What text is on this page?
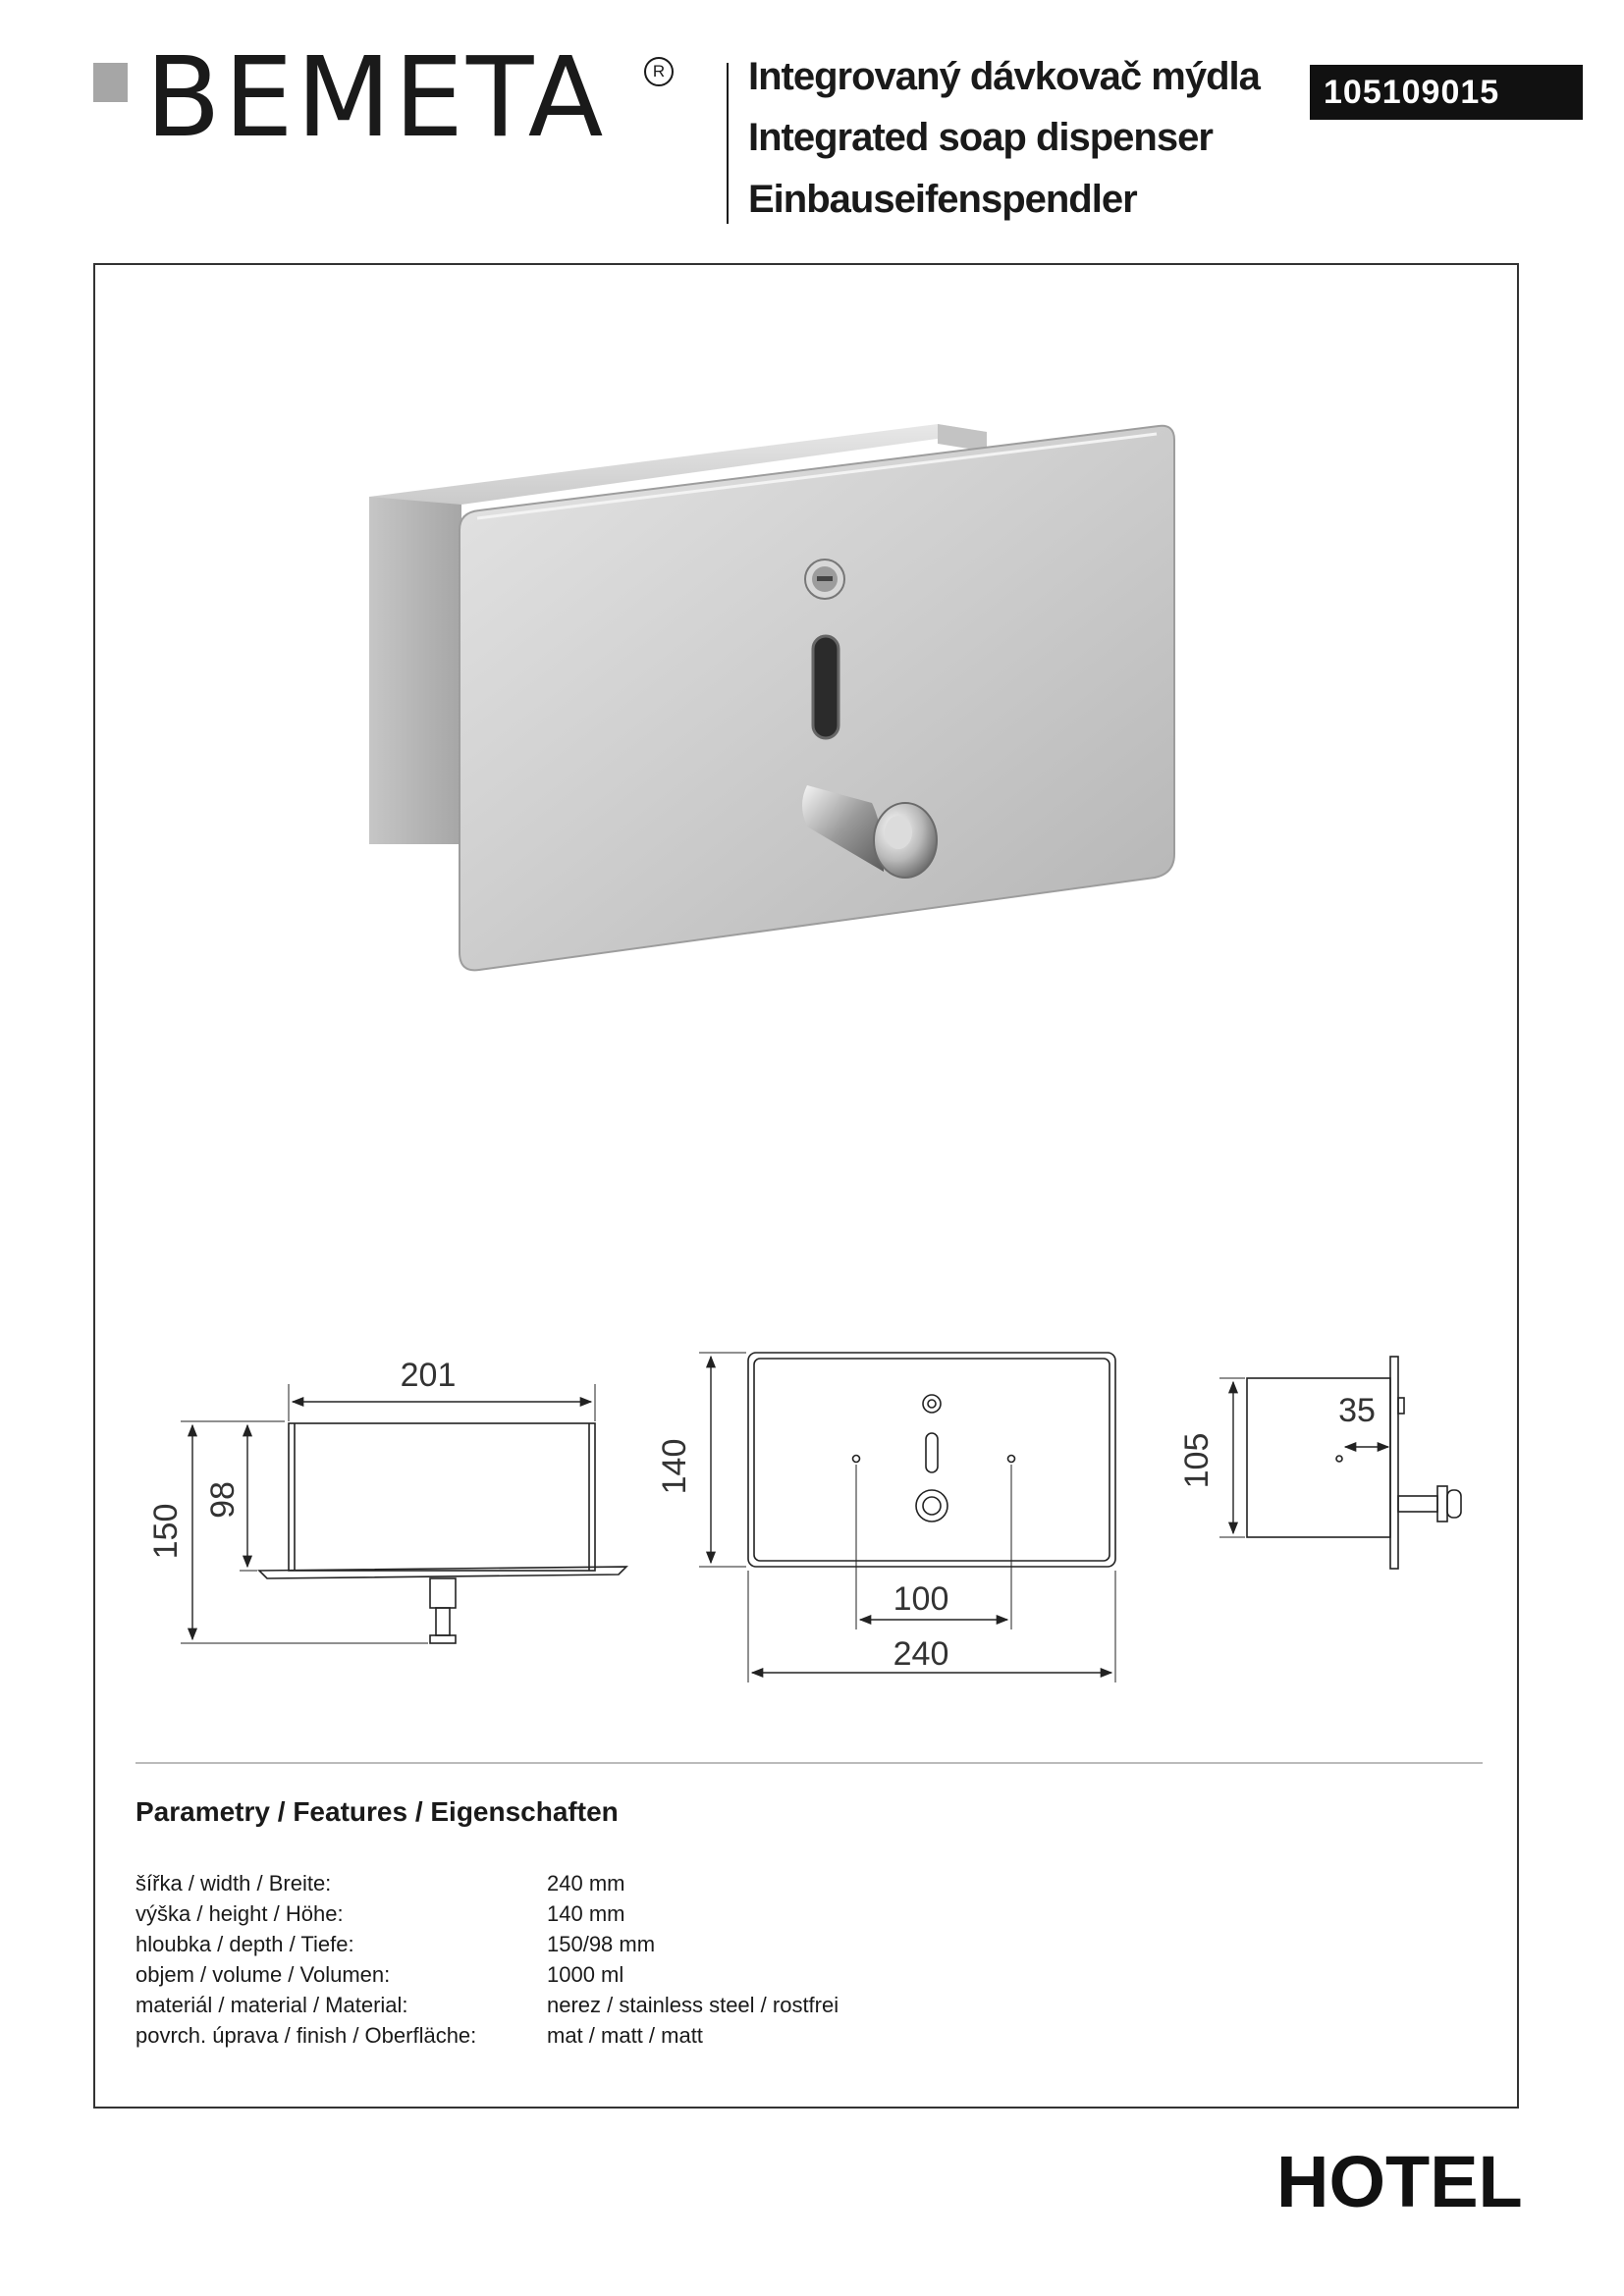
BEMETA	R Integrovaný dávkovač mýdla
Integrated soap dispenser
Einbauseifenspendler
105109015
201
150
98
140
100
240
105
35
Parametry / Features / Eigenschaften
šířka / width / Breite:	240 mm
výška / height / Höhe:	140 mm
hloubka / depth / Tiefe:	150/98 mm
objem / volume / Volumen:	1000 ml
materiál / material / Material:	nerez / stainless steel / rostfrei
povrch. úprava / finish / Oberfläche:	mat / matt / matt
HOTEL
